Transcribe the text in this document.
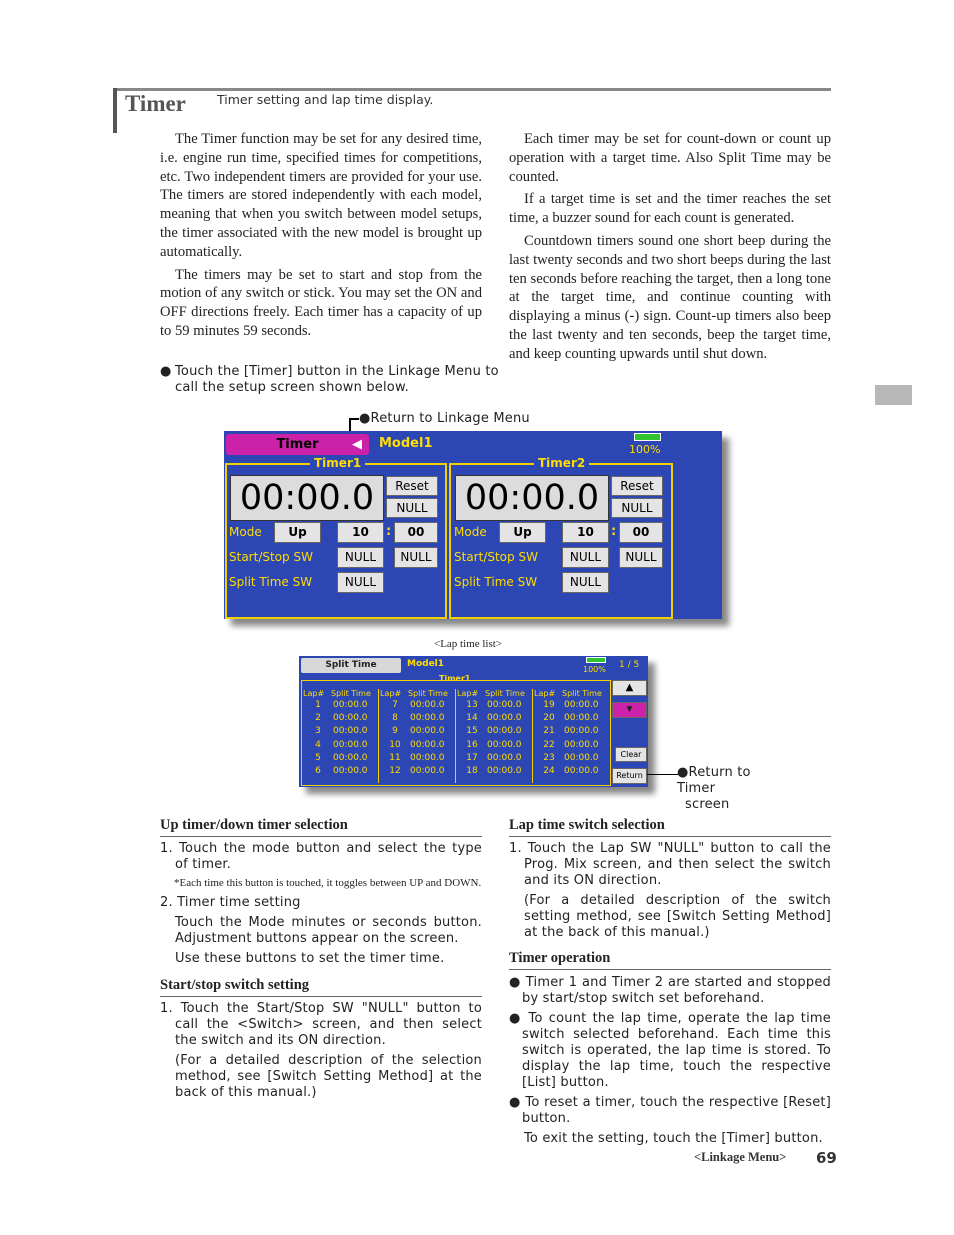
Timer Timer setting and lap time display.

The Timer function may be set for any desired time, i.e. engine run time, specified times for competitions, etc. Two independent timers are provided for your use. The timers are stored independently with each model, meaning that when you switch between model setups, the timer associated with the new model is brought up automatically.

The timers may be set to start and stop from the motion of any switch or stick. You may set the ON and OFF directions freely. Each timer has a capacity of up to 59 minutes 59 seconds.

Each timer may be set for count-down or count up operation with a target time. Also Split Time may be counted.

If a target time is set and the timer reaches the set time, a buzzer sound for each count is generated.

Countdown timers sound one short beep during the last twenty seconds and two short beeps during the last ten seconds before reaching the target, then a long tone at the target time, and continue counting with displaying a minus (-) sign. Count-up timers also beep the last twenty and ten seconds, beep the target time, and keep counting upwards until shut down.

● Touch the [Timer] button in the Linkage Menu to call the setup screen shown below.
●Return to Linkage Menu
Timer	◀ Model1	100%
Timer1
00:00.0	Reset
NULL
Mode	Up	10	:	00
Start/Stop SW	NULL	NULL
Split Time SW	NULL
Timer2
00:00.0	Reset
NULL
Mode	Up	10	:	00
Start/Stop SW	NULL	NULL
Split Time SW	NULL
<Lap time list>
Split Time	Model1
100% 1 / 5
Timer1
Lap# Split Time
1 00:00.0
2 00:00.0
3 00:00.0
4 00:00.0
5 00:00.0
6 00:00.0
Lap# Split Time
7 00:00.0
8 00:00.0
9 00:00.0
10 00:00.0
11 00:00.0
12 00:00.0
Lap# Split Time
13 00:00.0
14 00:00.0
15 00:00.0
16 00:00.0
17 00:00.0
18 00:00.0
Lap# Split Time
19 00:00.0
20 00:00.0
21 00:00.0
22 00:00.0
23 00:00.0
24 00:00.0
▲
▼
Clear
Return	●Return to Timer
screen
Up timer/down timer selection
1. Touch the mode button and select the type of timer.
*Each time this button is touched, it toggles between UP and DOWN.
2. Timer time setting
Touch the Mode minutes or seconds button. Adjustment buttons appear on the screen.
Use these buttons to set the timer time.
Start/stop switch setting
1. Touch the Start/Stop SW "NULL" button to call the <Switch> screen, and then select the switch and its ON direction.
(For a detailed description of the selection method, see [Switch Setting Method] at the back of this manual.)
Lap time switch selection
1. Touch the Lap SW "NULL" button to call the Prog. Mix screen, and then select the switch and its ON direction.
(For a detailed description of the switch setting method, see [Switch Setting Method] at the back of this manual.)
Timer operation
● Timer 1 and Timer 2 are started and stopped by start/stop switch set beforehand.
● To count the lap time, operate the lap time switch selected beforehand. Each time this switch is operated, the lap time is stored. To display the lap time, touch the respective [List] button.
● To reset a timer, touch the respective [Reset] button.
To exit the setting, touch the [Timer] button.
<Linkage Menu> 69
